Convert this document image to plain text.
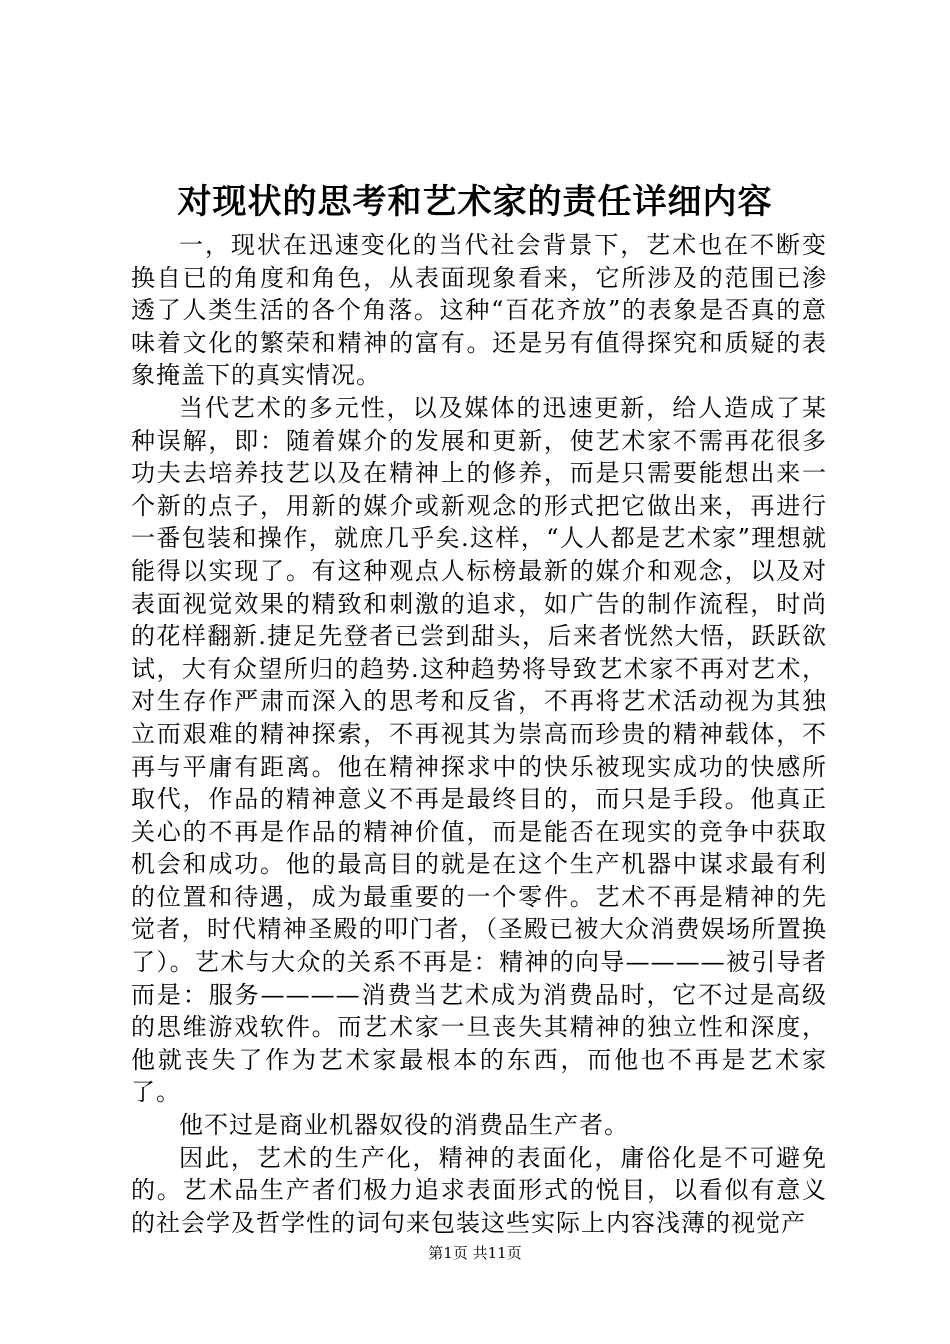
对现状的思考和艺术家的责任详细内容

一，现状在迅速变化的当代社会背景下，艺术也在不断变换自已的角度和角色，从表面现象看来，它所涉及的范围已渗透了人类生活的各个角落。这种“百花齐放”的表象是否真的意味着文化的繁荣和精神的富有。还是另有值得探究和质疑的表象掩盖下的真实情况。

当代艺术的多元性，以及媒体的迅速更新，给人造成了某种误解，即：随着媒介的发展和更新，使艺术家不需再花很多功夫去培养技艺以及在精神上的修养，而是只需要能想出来一个新的点子，用新的媒介或新观念的形式把它做出来，再进行一番包装和操作，就庶几乎矣.这样，“人人都是艺术家”理想就能得以实现了。有这种观点人标榜最新的媒介和观念，以及对表面视觉效果的精致和刺激的追求，如广告的制作流程，时尚的花样翻新.捷足先登者已尝到甜头，后来者恍然大悟，跃跃欲试，大有众望所归的趋势.这种趋势将导致艺术家不再对艺术，对生存作严肃而深入的思考和反省，不再将艺术活动视为其独立而艰难的精神探索，不再视其为崇高而珍贵的精神载体，不再与平庸有距离。他在精神探求中的快乐被现实成功的快感所取代，作品的精神意义不再是最终目的，而只是手段。他真正关心的不再是作品的精神价值，而是能否在现实的竞争中获取机会和成功。他的最高目的就是在这个生产机器中谋求最有利的位置和待遇，成为最重要的一个零件。艺术不再是精神的先觉者，时代精神圣殿的叩门者，（圣殿已被大众消费娱场所置换了）。艺术与大众的关系不再是：精神的向导————被引导者而是：服务————消费当艺术成为消费品时，它不过是高级的思维游戏软件。而艺术家一旦丧失其精神的独立性和深度，他就丧失了作为艺术家最根本的东西，而他也不再是艺术家了。

他不过是商业机器奴役的消费品生产者。

因此，艺术的生产化，精神的表面化，庸俗化是不可避免的。艺术品生产者们极力追求表面形式的悦目，以看似有意义的社会学及哲学性的词句来包装这些实际上内容浅薄的视觉产

第1页 共11页
